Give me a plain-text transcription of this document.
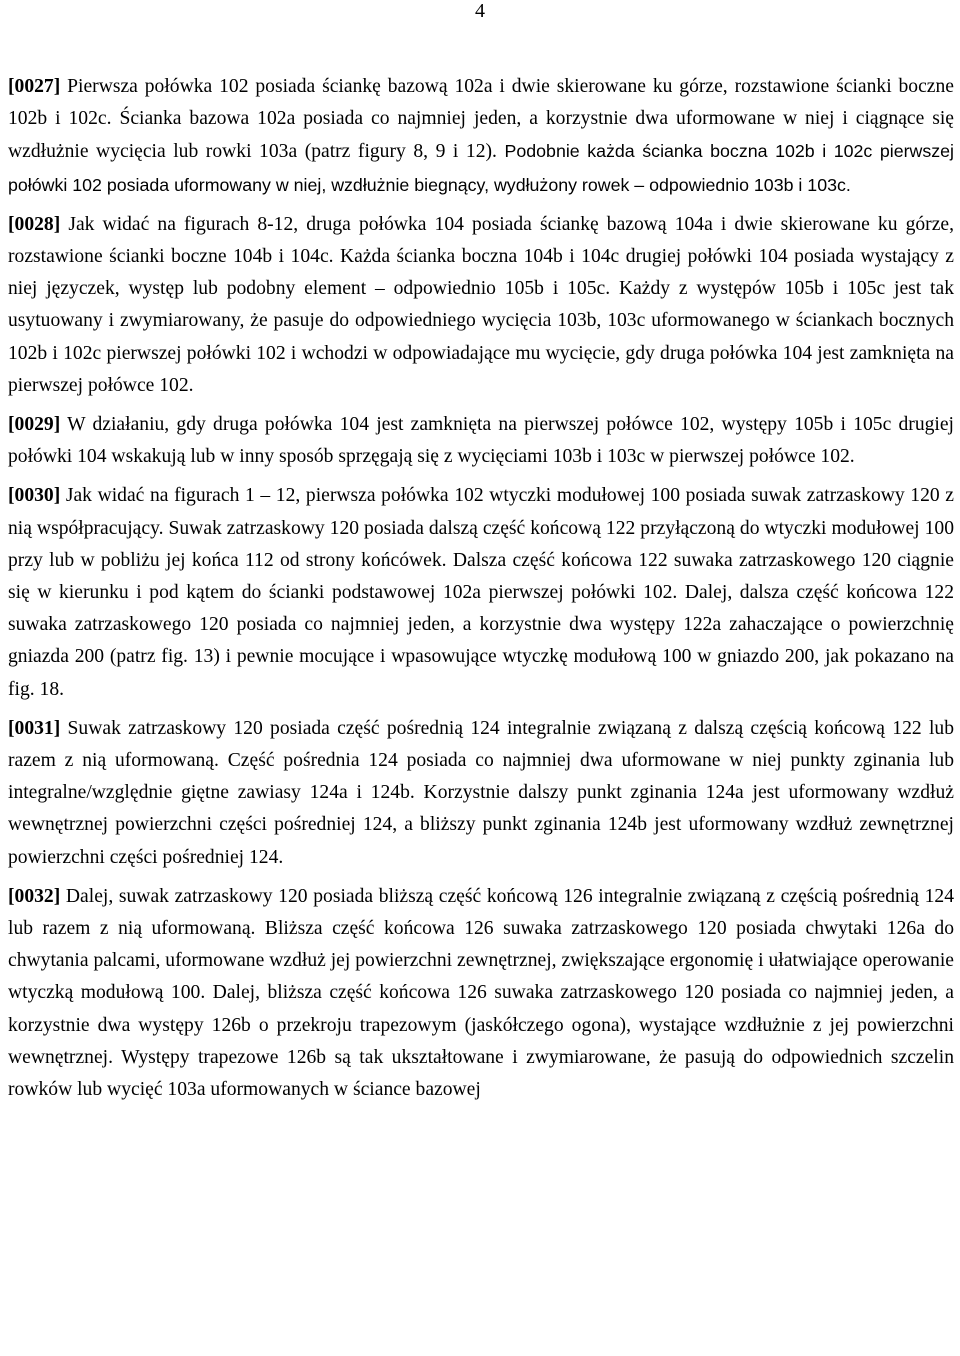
4

[0027] Pierwsza połówka 102 posiada ściankę bazową 102a i dwie skierowane ku górze, rozstawione ścianki boczne 102b i 102c. Ścianka bazowa 102a posiada co najmniej jeden, a korzystnie dwa uformowane w niej i ciągnące się wzdłużnie wycięcia lub rowki 103a (patrz figury 8, 9 i 12). Podobnie każda ścianka boczna 102b i 102c pierwszej połówki 102 posiada uformowany w niej, wzdłużnie biegnący, wydłużony rowek – odpowiednio 103b i 103c.

[0028] Jak widać na figurach 8-12, druga połówka 104 posiada ściankę bazową 104a i dwie skierowane ku górze, rozstawione ścianki boczne 104b i 104c. Każda ścianka boczna 104b i 104c drugiej połówki 104 posiada wystający z niej języczek, występ lub podobny element – odpowiednio 105b i 105c. Każdy z występów 105b i 105c jest tak usytuowany i zwymiarowany, że pasuje do odpowiedniego wycięcia 103b, 103c uformowanego w ściankach bocznych 102b i 102c pierwszej połówki 102 i wchodzi w odpowiadające mu wycięcie, gdy druga połówka 104 jest zamknięta na pierwszej połówce 102.

[0029] W działaniu, gdy druga połówka 104 jest zamknięta na pierwszej połówce 102, występy 105b i 105c drugiej połówki 104 wskakują lub w inny sposób sprzęgają się z wycięciami 103b i 103c w pierwszej połówce 102.

[0030] Jak widać na figurach 1 – 12, pierwsza połówka 102 wtyczki modułowej 100 posiada suwak zatrzaskowy 120 z nią współpracujący. Suwak zatrzaskowy 120 posiada dalszą część końcową 122 przyłączoną do wtyczki modułowej 100 przy lub w pobliżu jej końca 112 od strony końcówek. Dalsza część końcowa 122 suwaka zatrzaskowego 120 ciągnie się w kierunku i pod kątem do ścianki podstawowej 102a pierwszej połówki 102. Dalej, dalsza część końcowa 122 suwaka zatrzaskowego 120 posiada co najmniej jeden, a korzystnie dwa występy 122a zahaczające o powierzchnię gniazda 200 (patrz fig. 13) i pewnie mocujące i wpasowujące wtyczkę modułową 100 w gniazdo 200, jak pokazano na fig. 18.

[0031] Suwak zatrzaskowy 120 posiada część pośrednią 124 integralnie związaną z dalszą częścią końcową 122 lub razem z nią uformowaną. Część pośrednia 124 posiada co najmniej dwa uformowane w niej punkty zginania lub integralne/względnie giętne zawiasy 124a i 124b. Korzystnie dalszy punkt zginania 124a jest uformowany wzdłuż wewnętrznej powierzchni części pośredniej 124, a bliższy punkt zginania 124b jest uformowany wzdłuż zewnętrznej powierzchni części pośredniej 124.

[0032] Dalej, suwak zatrzaskowy 120 posiada bliższą część końcową 126 integralnie związaną z częścią pośrednią 124 lub razem z nią uformowaną. Bliższa część końcowa 126 suwaka zatrzaskowego 120 posiada chwytaki 126a do chwytania palcami, uformowane wzdłuż jej powierzchni zewnętrznej, zwiększające ergonomię i ułatwiające operowanie wtyczką modułową 100. Dalej, bliższa część końcowa 126 suwaka zatrzaskowego 120 posiada co najmniej jeden, a korzystnie dwa występy 126b o przekroju trapezowym (jaskółczego ogona), wystające wzdłużnie z jej powierzchni wewnętrznej. Występy trapezowe 126b są tak ukształtowane i zwymiarowane, że pasują do odpowiednich szczelin rowków lub wycięć 103a uformowanych w ściance bazowej
